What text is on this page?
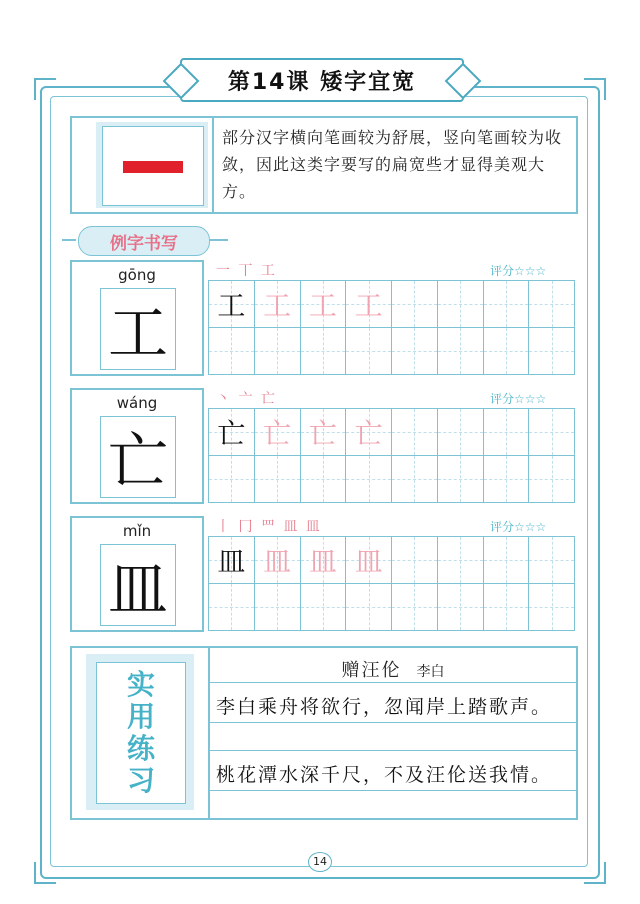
第14课 矮字宜宽
部分汉字横向笔画较为舒展，竖向笔画较为收敛，因此这类字要写的扁宽些才显得美观大方。
例字书写
gōng
工
一 丅 工	评分☆☆☆
工 工 工 工
wáng
亡
丶 亠 亡	评分☆☆☆
亡 亡 亡 亡
mǐn
皿
丨 冂 罒 皿 皿	评分☆☆☆
皿 皿 皿 皿
实
用
练
习
赠汪伦 李白
李白乘舟将欲行，忽闻岸上踏歌声。
桃花潭水深千尺，不及汪伦送我情。
14
